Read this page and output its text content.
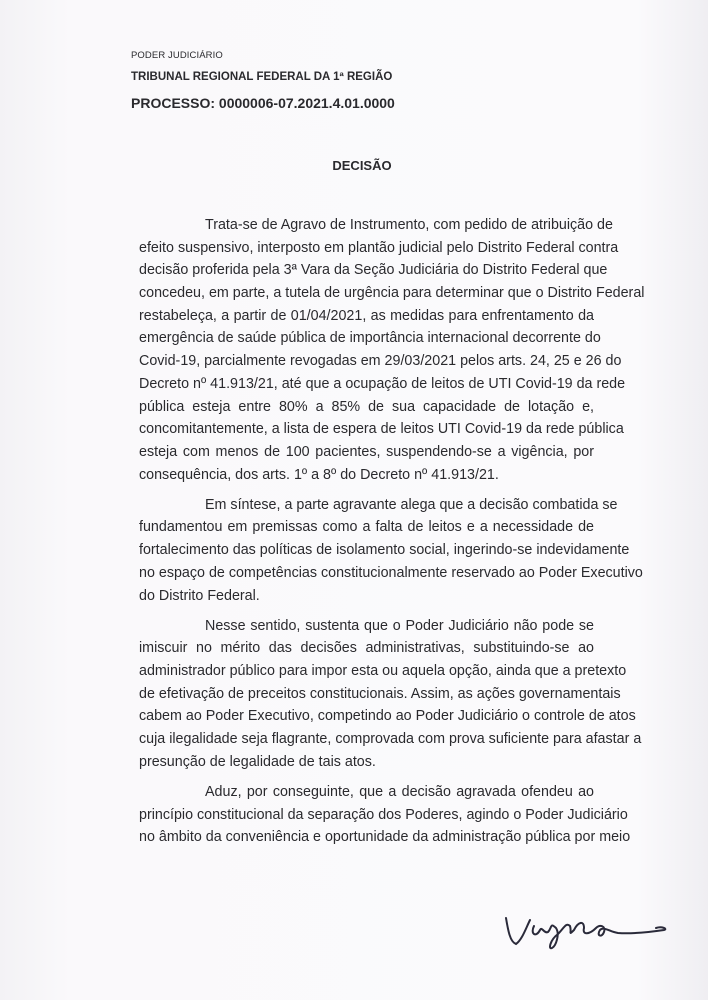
PODER JUDICIÁRIO
TRIBUNAL REGIONAL FEDERAL DA 1ª REGIÃO
PROCESSO: 0000006-07.2021.4.01.0000
DECISÃO
Trata-se de Agravo de Instrumento, com pedido de atribuição de
efeito suspensivo, interposto em plantão judicial pelo Distrito Federal contra
decisão proferida pela 3ª Vara da Seção Judiciária do Distrito Federal que
concedeu, em parte, a tutela de urgência para determinar que o Distrito Federal
restabeleça, a partir de 01/04/2021, as medidas para enfrentamento da
emergência de saúde pública de importância internacional decorrente do
Covid-19, parcialmente revogadas em 29/03/2021 pelos arts. 24, 25 e 26 do
Decreto nº 41.913/21, até que a ocupação de leitos de UTI Covid-19 da rede
pública esteja entre 80% a 85% de sua capacidade de lotação e,
concomitantemente, a lista de espera de leitos UTI Covid-19 da rede pública
esteja com menos de 100 pacientes, suspendendo-se a vigência, por
consequência, dos arts. 1º a 8º do Decreto nº 41.913/21.
Em síntese, a parte agravante alega que a decisão combatida se
fundamentou em premissas como a falta de leitos e a necessidade de
fortalecimento das políticas de isolamento social, ingerindo-se indevidamente
no espaço de competências constitucionalmente reservado ao Poder Executivo
do Distrito Federal.
Nesse sentido, sustenta que o Poder Judiciário não pode se
imiscuir no mérito das decisões administrativas, substituindo-se ao
administrador público para impor esta ou aquela opção, ainda que a pretexto
de efetivação de preceitos constitucionais. Assim, as ações governamentais
cabem ao Poder Executivo, competindo ao Poder Judiciário o controle de atos
cuja ilegalidade seja flagrante, comprovada com prova suficiente para afastar a
presunção de legalidade de tais atos.
Aduz, por conseguinte, que a decisão agravada ofendeu ao
princípio constitucional da separação dos Poderes, agindo o Poder Judiciário
no âmbito da conveniência e oportunidade da administração pública por meio
